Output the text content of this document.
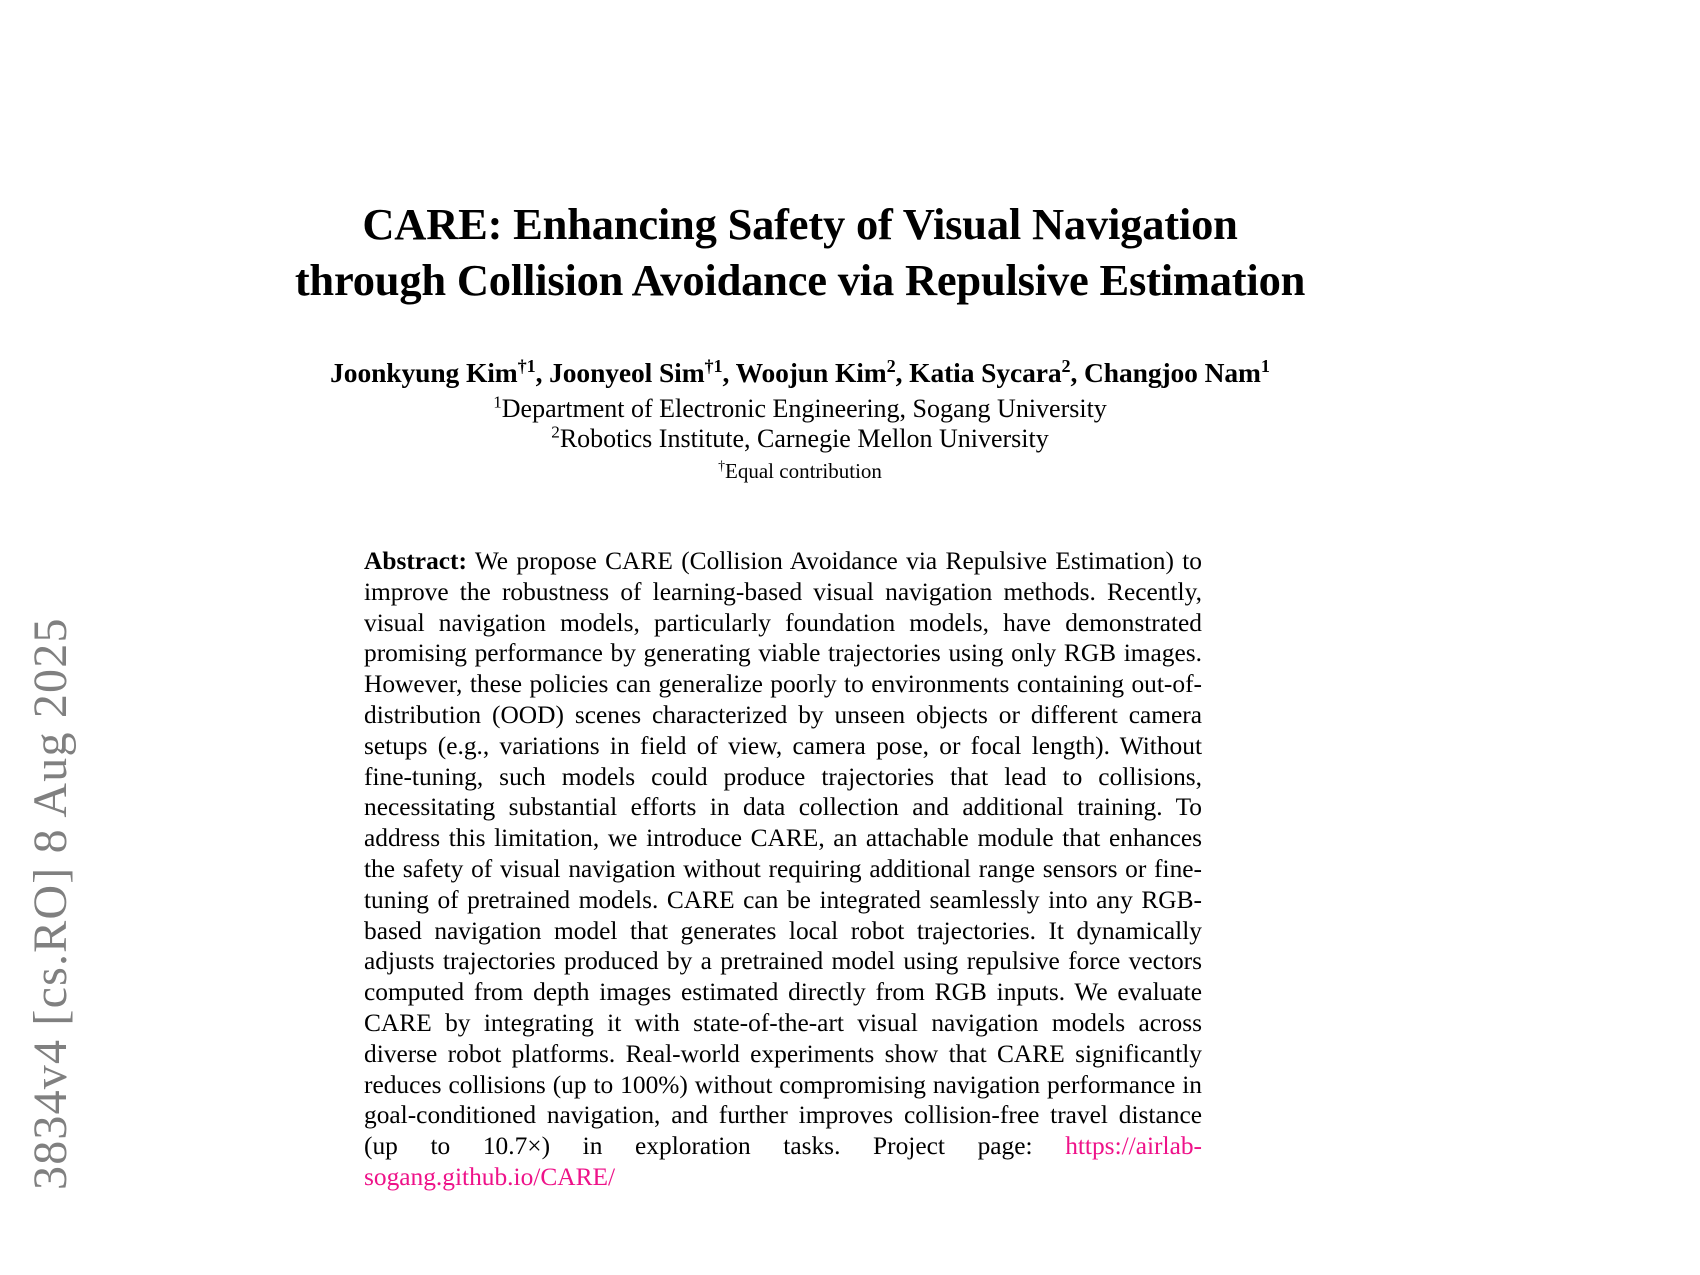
3834v4 [cs.RO] 8 Aug 2025
CARE: Enhancing Safety of Visual Navigation
through Collision Avoidance via Repulsive Estimation
Joonkyung Kim$^{\dagger 1}$, Joonyeol Sim$^{\dagger 1}$, Woojun Kim$^2$, Katia Sycara$^2$, Changjoo Nam$^1$
$^1$Department of Electronic Engineering, Sogang University
$^2$Robotics Institute, Carnegie Mellon University
†Equal contribution

Abstract: We propose CARE (Collision Avoidance via Repulsive Estimation) to improve the robustness of learning-based visual navigation methods. Recently, visual navigation models, particularly foundation models, have demonstrated promising performance by generating viable trajectories using only RGB images. However, these policies can generalize poorly to environments containing out-of-distribution (OOD) scenes characterized by unseen objects or different camera setups (e.g., variations in field of view, camera pose, or focal length). Without fine-tuning, such models could produce trajectories that lead to collisions, necessitating substantial efforts in data collection and additional training. To address this limitation, we introduce CARE, an attachable module that enhances the safety of visual navigation without requiring additional range sensors or fine-tuning of pretrained models. CARE can be integrated seamlessly into any RGB-based navigation model that generates local robot trajectories. It dynamically adjusts trajectories produced by a pretrained model using repulsive force vectors computed from depth images estimated directly from RGB inputs. We evaluate CARE by integrating it with state-of-the-art visual navigation models across diverse robot platforms. Real-world experiments show that CARE significantly reduces collisions (up to 100%) without compromising navigation performance in goal-conditioned navigation, and further improves collision-free travel distance (up to 10.7×) in exploration tasks. Project page: https://airlab-sogang.github.io/CARE/
